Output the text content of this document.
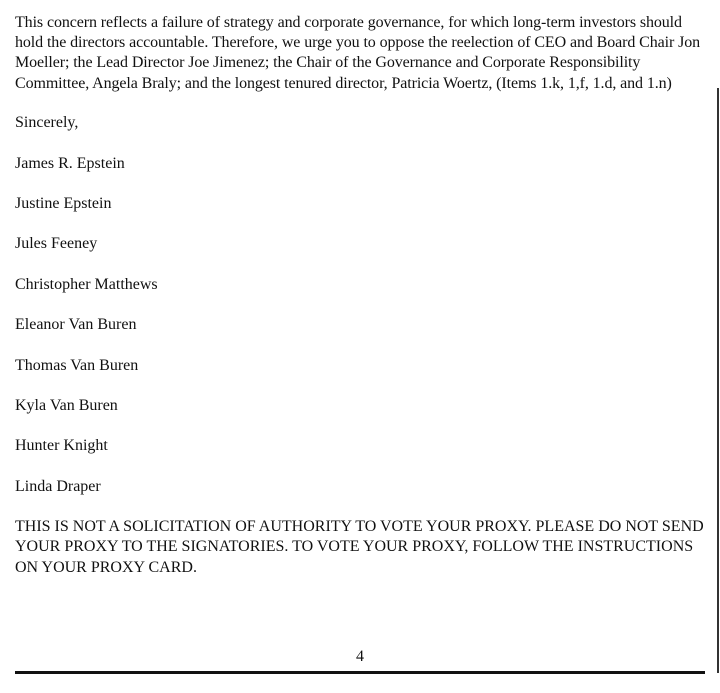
This concern reflects a failure of strategy and corporate governance, for which long-term investors should hold the directors accountable. Therefore, we urge you to oppose the reelection of CEO and Board Chair Jon Moeller; the Lead Director Joe Jimenez; the Chair of the Governance and Corporate Responsibility Committee, Angela Braly; and the longest tenured director, Patricia Woertz, (Items 1.k, 1,f, 1.d, and 1.n)

Sincerely,

James R. Epstein

Justine Epstein

Jules Feeney

Christopher Matthews

Eleanor Van Buren

Thomas Van Buren

Kyla Van Buren

Hunter Knight

Linda Draper

THIS IS NOT A SOLICITATION OF AUTHORITY TO VOTE YOUR PROXY. PLEASE DO NOT SEND YOUR PROXY TO THE SIGNATORIES. TO VOTE YOUR PROXY, FOLLOW THE INSTRUCTIONS ON YOUR PROXY CARD.

4
